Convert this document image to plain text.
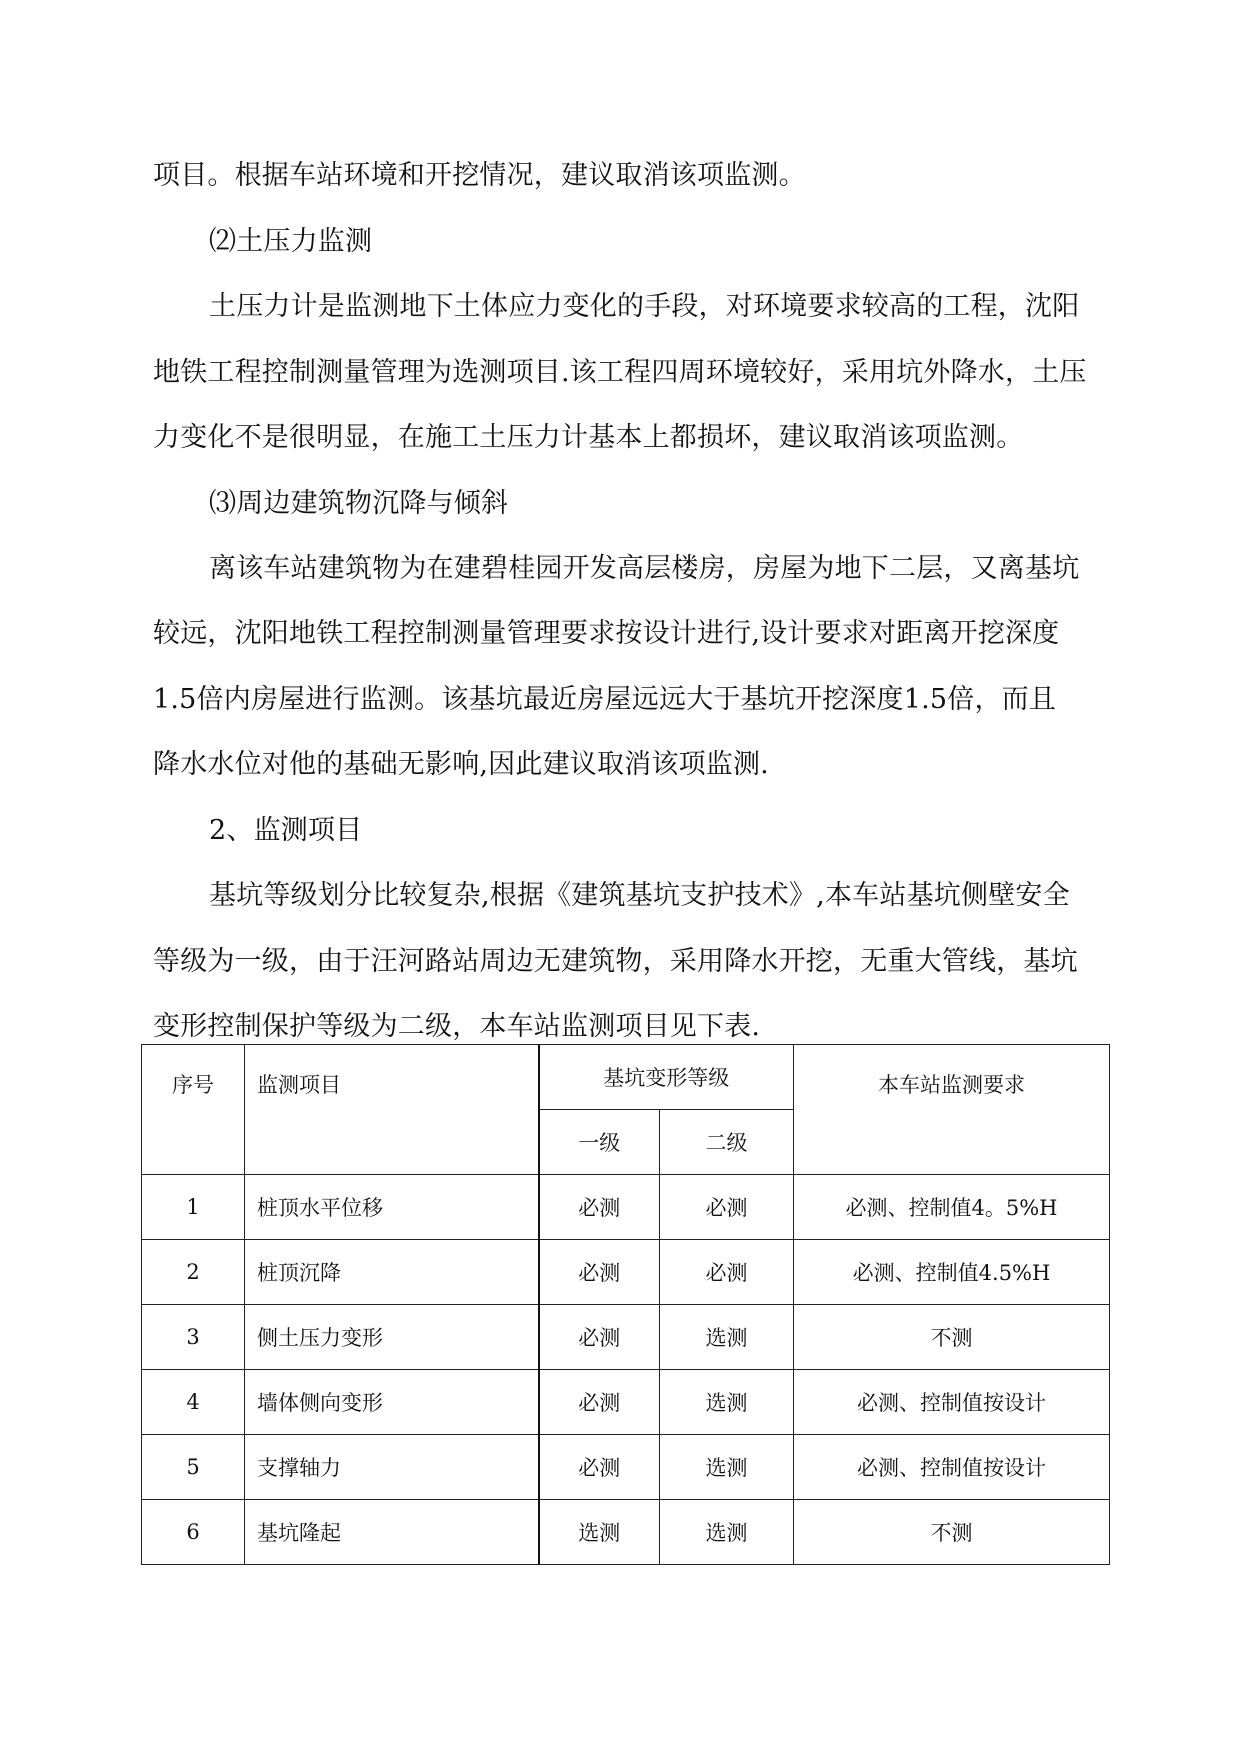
项目。根据车站环境和开挖情况，建议取消该项监测。
⑵土压力监测
土压力计是监测地下土体应力变化的手段，对环境要求较高的工程，沈阳
地铁工程控制测量管理为选测项目.该工程四周环境较好，采用坑外降水，土压
力变化不是很明显，在施工土压力计基本上都损坏，建议取消该项监测。
⑶周边建筑物沉降与倾斜
离该车站建筑物为在建碧桂园开发高层楼房，房屋为地下二层，又离基坑
较远，沈阳地铁工程控制测量管理要求按设计进行,设计要求对距离开挖深度
1.5倍内房屋进行监测。该基坑最近房屋远远大于基坑开挖深度1.5倍，而且
降水水位对他的基础无影响,因此建议取消该项监测.
2、监测项目
基坑等级划分比较复杂,根据《建筑基坑支护技术》,本车站基坑侧壁安全
等级为一级，由于汪河路站周边无建筑物，采用降水开挖，无重大管线，基坑
变形控制保护等级为二级，本车站监测项目见下表.
序号	监测项目	基坑变形等级		本车站监测要求
		一级	二级	
1	桩顶水平位移	必测	必测	必测、控制值4。5%H
2	桩顶沉降	必测	必测	必测、控制值4.5%H
3	侧土压力变形	必测	选测	不测
4	墙体侧向变形	必测	选测	必测、控制值按设计
5	支撑轴力	必测	选测	必测、控制值按设计
6	基坑隆起	选测	选测	不测
